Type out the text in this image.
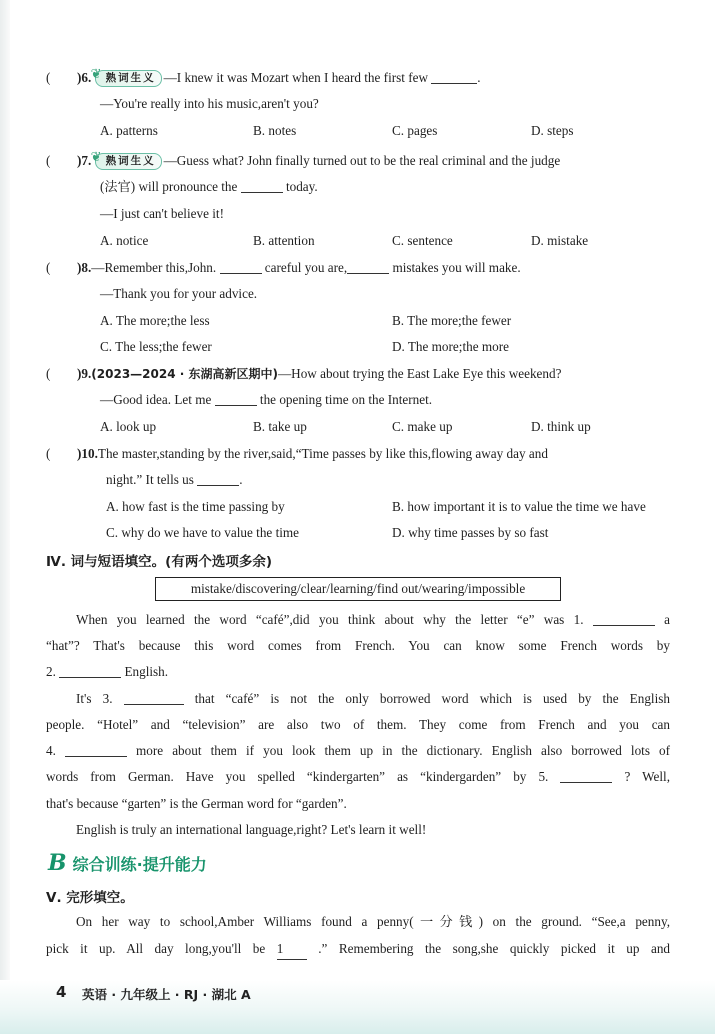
( )6. ❦ 熟词生义 —I knew it was Mozart when I heard the first few	.
—You're really into his music,aren't you?
A. patterns	B. notes	C. pages	D. steps
( )7. ❦ 熟词生义 —Guess what? John finally turned out to be the real criminal and the judge
(法官) will pronounce the	today.
—I just can't believe it!
A. notice	B. attention	C. sentence	D. mistake
( )8.—Remember this,John.	careful you are,	mistakes you will make.
—Thank you for your advice.
A. The more;the less	B. The more;the fewer
C. The less;the fewer	D. The more;the more
( )9.(2023—2024 · 东湖高新区期中)—How about trying the East Lake Eye this weekend?
—Good idea. Let me	the opening time on the Internet.
A. look up	B. take up	C. make up	D. think up
( )10.The master,standing by the river,said,“Time passes by like this,flowing away day and
night.” It tells us	.
A. how fast is the time passing by	B. how important it is to value the time we have
C. why do we have to value the time	D. why time passes by so fast
Ⅳ. 词与短语填空。(有两个选项多余)
mistake/discovering/clear/learning/find out/wearing/impossible
When you learned the word “café”,did you think about why the letter “e” was 1.	a
“hat”? That's because this word comes from French. You can know some French words by
2.	English.
It's 3.	that “café” is not the only borrowed word which is used by the English
people. “Hotel” and “television” are also two of them. They come from French and you can
4.	more about them if you look them up in the dictionary. English also borrowed lots of
words from German. Have you spelled “kindergarten” as “kindergarden” by 5.	? Well,
that's because “garten” is the German word for “garden”.
English is truly an international language,right? Let's learn it well!
B 综合训练·提升能力
Ⅴ. 完形填空。
On her way to school,Amber Williams found a penny(一分钱) on the ground. “See,a penny,
pick it up. All day long,you'll be 1	.” Remembering the song,she quickly picked it up and
4 英语 · 九年级上 · RJ · 湖北 A
